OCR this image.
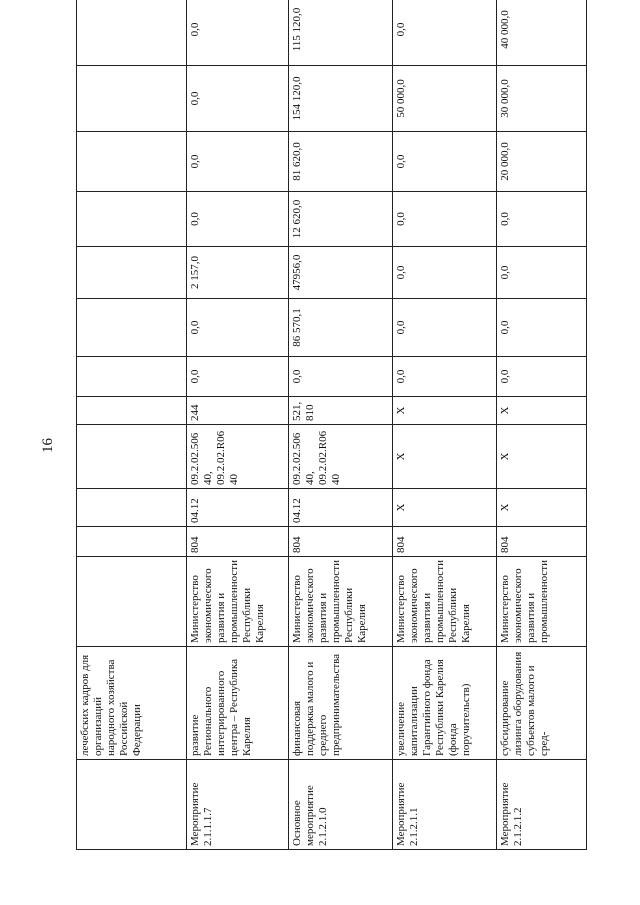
16
	лечебских кадров для организаций народного хозяйства Российской Федерации													
Мероприятие 2.1.1.1.7	развитие Регионального интегрированного центра – Республика Карелия	Министерство экономического развития и промышленности Республики Карелия	804	04.12	09.2.02.50640, 09.2.02.R0640	244	0,0	0,0	2 157,0	0,0	0,0	0,0	0,0	
Основное мероприятие 2.1.2.1.0	финансовая поддержка малого и среднего предпринимательства	Министерство экономического развития и промышленности Республики Карелия	804	04.12	09.2.02.50640, 09.2.02.R0640	521, 810	0,0	86 570,1	47956,0	12 620,0	81 620,0	154 120,0	115 120,0	
Мероприятие 2.1.2.1.1	увеличение капитализации Гарантийного фонда Республики Карелия (фонда поручительств)	Министерство экономического развития и промышленности Республики Карелия	804	Х	Х	Х	0,0	0,0	0,0	0,0	0,0	50 000,0	0,0	
Мероприятие 2.1.2.1.2	субсидирование лизинга оборудования субъектов малого и сред-	Министерство экономического развития и промышленности	804	Х	Х	Х	0,0	0,0	0,0	0,0	20 000,0	30 000,0	40 000,0	
